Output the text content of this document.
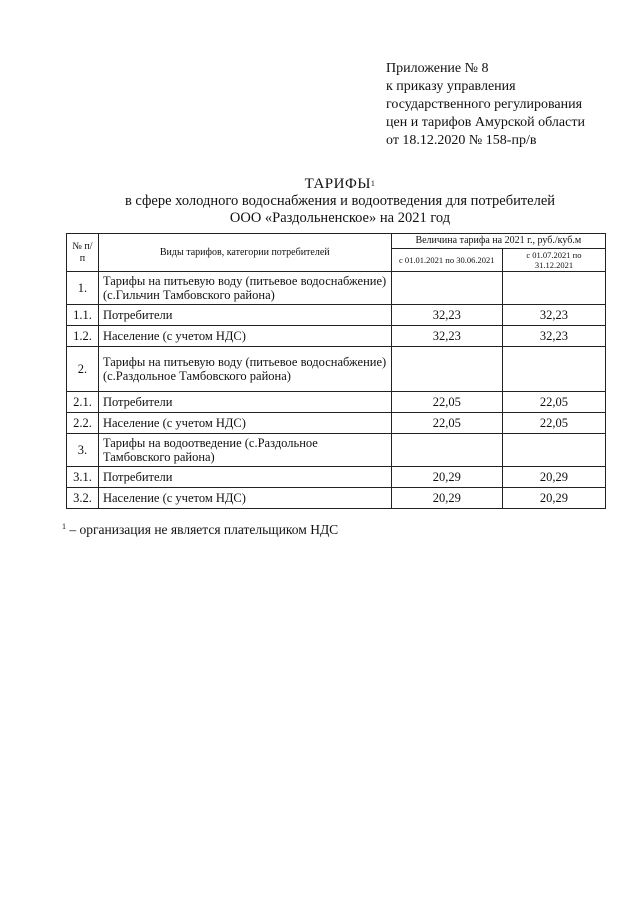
Приложение № 8
к приказу управления
государственного регулирования
цен и тарифов Амурской области
от 18.12.2020 № 158-пр/в
ТАРИФЫ$^1$
в сфере холодного водоснабжения и водоотведения для потребителей
ООО «Раздольненское» на 2021 год
№ п/п	Виды тарифов, категории потребителей	Величина тарифа на 2021 г., руб./куб.м	
		с 01.01.2021 по 30.06.2021	с 01.07.2021 по 31.12.2021
1.	Тарифы на питьевую воду (питьевое водоснабжение) (с.Гильчин Тамбовского района)		
1.1.	Потребители	32,23	32,23
1.2.	Население (с учетом НДС)	32,23	32,23
2.	Тарифы на питьевую воду (питьевое водоснабжение) (с.Раздольное Тамбовского района)		
2.1.	Потребители	22,05	22,05
2.2.	Население (с учетом НДС)	22,05	22,05
3.	Тарифы на водоотведение (с.Раздольное Тамбовского района)		
3.1.	Потребители	20,29	20,29
3.2.	Население (с учетом НДС)	20,29	20,29
$^1$ – организация не является плательщиком НДС
